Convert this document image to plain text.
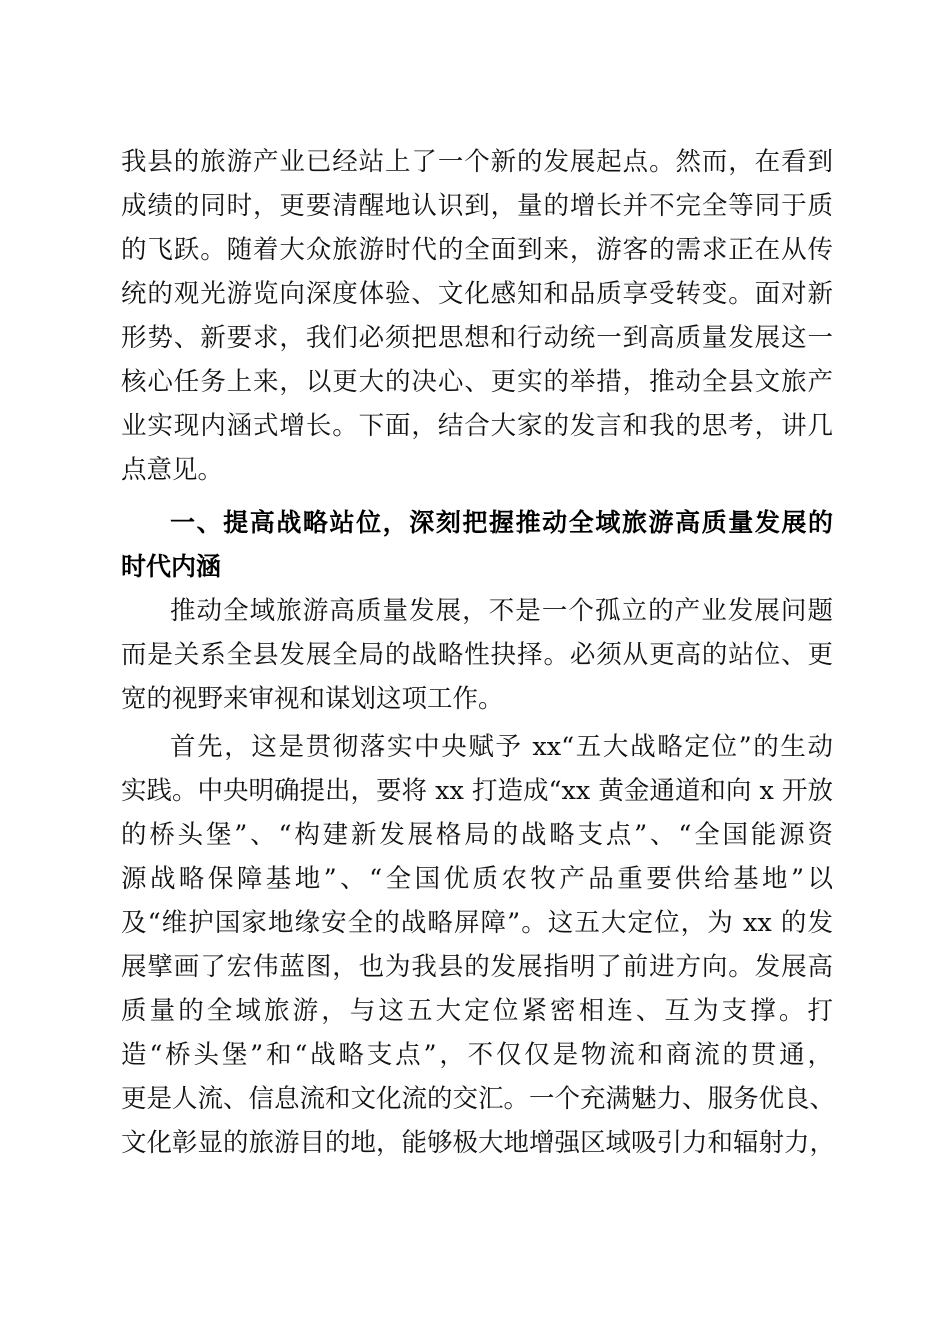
我县的旅游产业已经站上了一个新的发展起点。然而，在看到
成绩的同时，更要清醒地认识到，量的增长并不完全等同于质
的飞跃。随着大众旅游时代的全面到来，游客的需求正在从传
统的观光游览向深度体验、文化感知和品质享受转变。面对新
形势、新要求，我们必须把思想和行动统一到高质量发展这一
核心任务上来，以更大的决心、更实的举措，推动全县文旅产
业实现内涵式增长。下面，结合大家的发言和我的思考，讲几
点意见。
一、提高战略站位，深刻把握推动全域旅游高质量发展的
时代内涵
推动全域旅游高质量发展，不是一个孤立的产业发展问题
而是关系全县发展全局的战略性抉择。必须从更高的站位、更
宽的视野来审视和谋划这项工作。
首先，这是贯彻落实中央赋予 xx“五大战略定位”的生动
实践。中央明确提出，要将 xx 打造成“xx 黄金通道和向 x 开放
的桥头堡”、“构建新发展格局的战略支点”、“全国能源资
源战略保障基地”、“全国优质农牧产品重要供给基地”以
及“维护国家地缘安全的战略屏障”。这五大定位，为 xx 的发
展擘画了宏伟蓝图，也为我县的发展指明了前进方向。发展高
质量的全域旅游，与这五大定位紧密相连、互为支撑。打
造“桥头堡”和“战略支点”，不仅仅是物流和商流的贯通，
更是人流、信息流和文化流的交汇。一个充满魅力、服务优良、
文化彰显的旅游目的地，能够极大地增强区域吸引力和辐射力，
